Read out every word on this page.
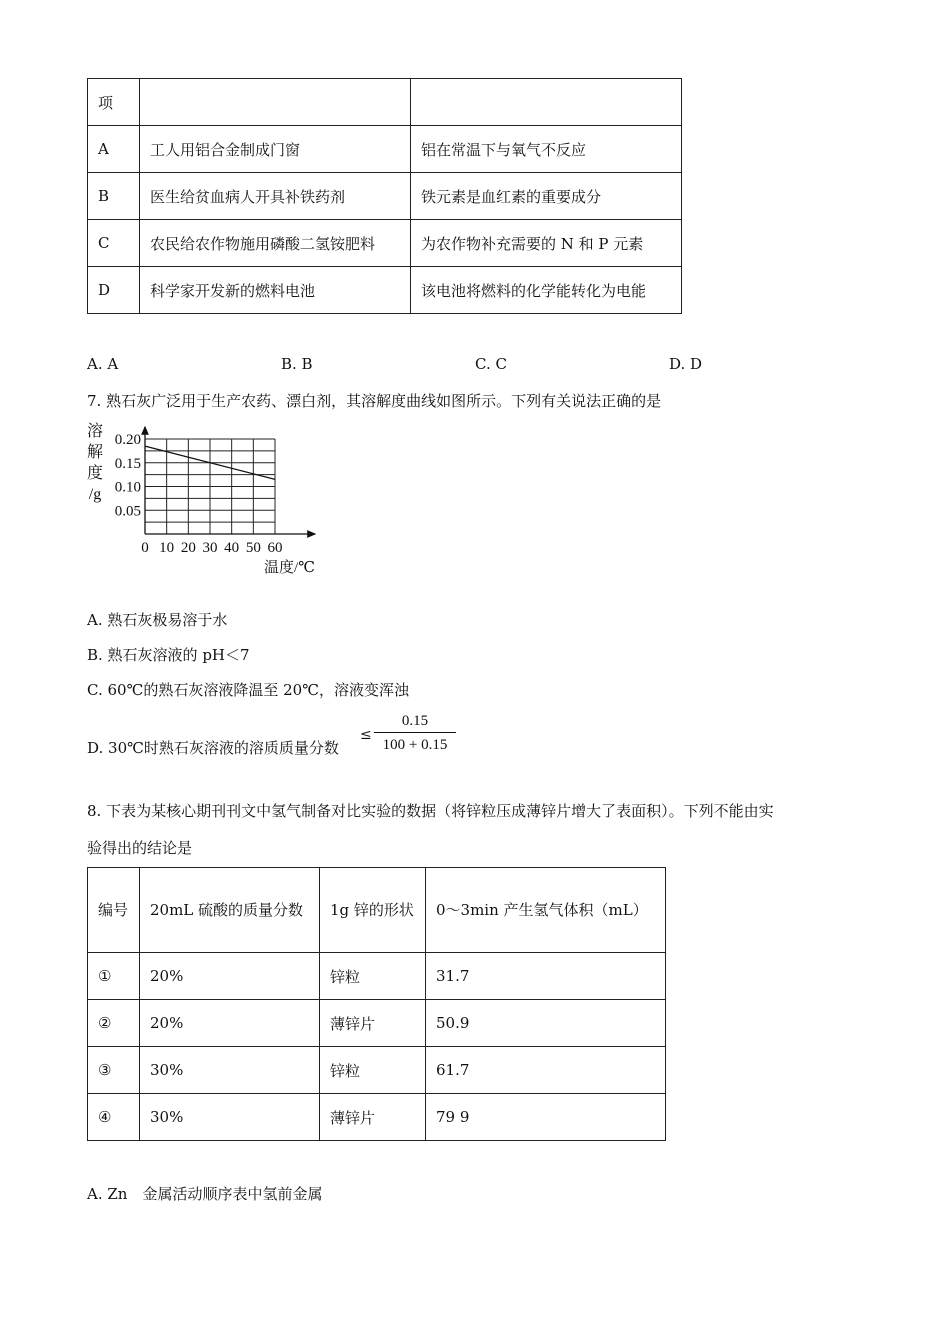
项		
A	工人用铝合金制成门窗	铝在常温下与氧气不反应
B	医生给贫血病人开具补铁药剂	铁元素是血红素的重要成分
C	农民给农作物施用磷酸二氢铵肥料	为农作物补充需要的 N 和 P 元素
D	科学家开发新的燃料电池	该电池将燃料的化学能转化为电能
A. A	B. B	C. C	D. D
7. 熟石灰广泛用于生产农药、漂白剂，其溶解度曲线如图所示。下列有关说法正确的是
0 10 20 30 40 50 60
0.20
0.15
0.10
0.05
溶
解
度
/g
温度/℃
A. 熟石灰极易溶于水
B. 熟石灰溶液的 pH＜7
C. 60℃的熟石灰溶液降温至 20℃，溶液变浑浊
D. 30℃时熟石灰溶液的溶质质量分数
≤ $\frac{0.15}{100 + 0.15}$
8. 下表为某核心期刊刊文中氢气制备对比实验的数据（将锌粒压成薄锌片增大了表面积）。下列不能由实
验得出的结论是
编号	20mL 硫酸的质量分数	1g 锌的形状	0～3min 产生氢气体积（mL）
①	20%	锌粒	31.7
②	20%	薄锌片	50.9
③	30%	锌粒	61.7
④	30%	薄锌片	79 9
A. Zn　金属活动顺序表中氢前金属
